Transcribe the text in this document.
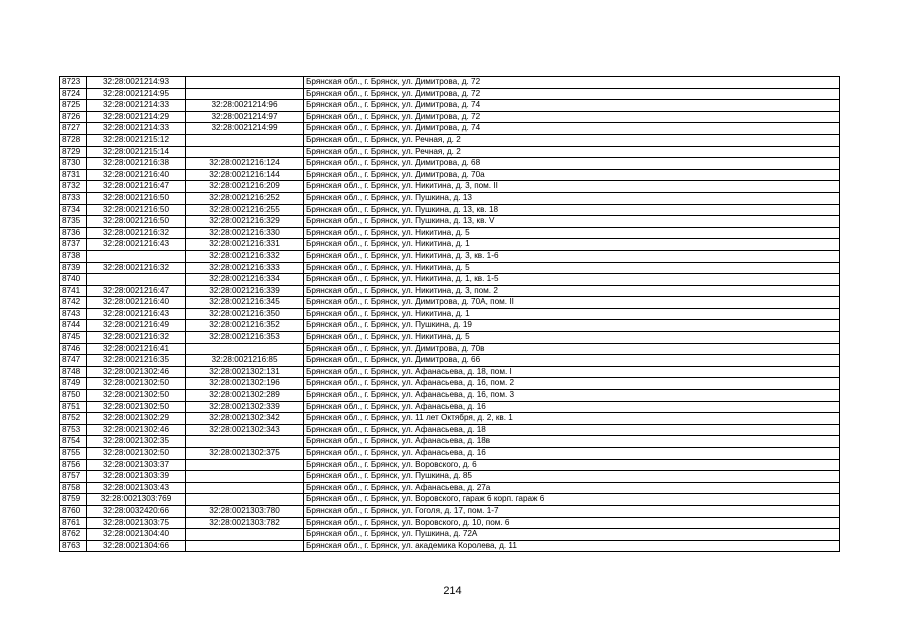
8723	32:28:0021214:93		Брянская обл., г. Брянск, ул. Димитрова, д. 72
8724	32:28:0021214:95		Брянская обл., г. Брянск, ул. Димитрова, д. 72
8725	32:28:0021214:33	32:28:0021214:96	Брянская обл., г. Брянск, ул. Димитрова, д. 74
8726	32:28:0021214:29	32:28:0021214:97	Брянская обл., г. Брянск, ул. Димитрова, д. 72
8727	32:28:0021214:33	32:28:0021214:99	Брянская обл., г. Брянск, ул. Димитрова, д. 74
8728	32:28:0021215:12		Брянская обл., г. Брянск, ул. Речная, д. 2
8729	32:28:0021215:14		Брянская обл., г. Брянск, ул. Речная, д. 2
8730	32:28:0021216:38	32:28:0021216:124	Брянская обл., г. Брянск, ул. Димитрова, д. 68
8731	32:28:0021216:40	32:28:0021216:144	Брянская обл., г. Брянск, ул. Димитрова, д. 70а
8732	32:28:0021216:47	32:28:0021216:209	Брянская обл., г. Брянск, ул. Никитина, д. 3, пом. II
8733	32:28:0021216:50	32:28:0021216:252	Брянская обл., г. Брянск, ул. Пушкина, д. 13
8734	32:28:0021216:50	32:28:0021216:255	Брянская обл., г. Брянск, ул. Пушкина, д. 13, кв. 18
8735	32:28:0021216:50	32:28:0021216:329	Брянская обл., г. Брянск, ул. Пушкина, д. 13, кв. V
8736	32:28:0021216:32	32:28:0021216:330	Брянская обл., г. Брянск, ул. Никитина, д. 5
8737	32:28:0021216:43	32:28:0021216:331	Брянская обл., г. Брянск, ул. Никитина, д. 1
8738		32:28:0021216:332	Брянская обл., г. Брянск, ул. Никитина, д. 3, кв. 1-6
8739	32:28:0021216:32	32:28:0021216:333	Брянская обл., г. Брянск, ул. Никитина, д. 5
8740		32:28:0021216:334	Брянская обл., г. Брянск, ул. Никитина, д. 1, кв. 1-5
8741	32:28:0021216:47	32:28:0021216:339	Брянская обл., г. Брянск, ул. Никитина, д. 3, пом. 2
8742	32:28:0021216:40	32:28:0021216:345	Брянская обл., г. Брянск, ул. Димитрова, д. 70А, пом. II
8743	32:28:0021216:43	32:28:0021216:350	Брянская обл., г. Брянск, ул. Никитина, д. 1
8744	32:28:0021216:49	32:28:0021216:352	Брянская обл., г. Брянск, ул. Пушкина, д. 19
8745	32:28:0021216:32	32:28:0021216:353	Брянская обл., г. Брянск, ул. Никитина, д. 5
8746	32:28:0021216:41		Брянская обл., г. Брянск, ул. Димитрова, д. 70в
8747	32:28:0021216:35	32:28:0021216:85	Брянская обл., г. Брянск, ул. Димитрова, д. 66
8748	32:28:0021302:46	32:28:0021302:131	Брянская обл., г. Брянск, ул. Афанасьева, д. 18, пом. I
8749	32:28:0021302:50	32:28:0021302:196	Брянская обл., г. Брянск, ул. Афанасьева, д. 16, пом. 2
8750	32:28:0021302:50	32:28:0021302:289	Брянская обл., г. Брянск, ул. Афанасьева, д. 16, пом. 3
8751	32:28:0021302:50	32:28:0021302:339	Брянская обл., г. Брянск, ул. Афанасьева, д. 16
8752	32:28:0021302:29	32:28:0021302:342	Брянская обл., г. Брянск, ул. 11 лет Октября, д. 2, кв. 1
8753	32:28:0021302:46	32:28:0021302:343	Брянская обл., г. Брянск, ул. Афанасьева, д. 18
8754	32:28:0021302:35		Брянская обл., г. Брянск, ул. Афанасьева, д. 18в
8755	32:28:0021302:50	32:28:0021302:375	Брянская обл., г. Брянск, ул. Афанасьева, д. 16
8756	32:28:0021303:37		Брянская обл., г. Брянск, ул. Воровского, д. 6
8757	32:28:0021303:39		Брянская обл., г. Брянск, ул. Пушкина, д. 85
8758	32:28:0021303:43		Брянская обл., г. Брянск, ул. Афанасьева, д. 27а
8759	32:28:0021303:769		Брянская обл., г. Брянск, ул. Воровского, гараж 6 корп. гараж 6
8760	32:28:0032420:66	32:28:0021303:780	Брянская обл., г. Брянск, ул. Гоголя, д. 17, пом. 1-7
8761	32:28:0021303:75	32:28:0021303:782	Брянская обл., г. Брянск, ул. Воровского, д. 10, пом. 6
8762	32:28:0021304:40		Брянская обл., г. Брянск, ул. Пушкина, д. 72А
8763	32:28:0021304:66		Брянская обл., г. Брянск, ул. академика Королева, д. 11
214
